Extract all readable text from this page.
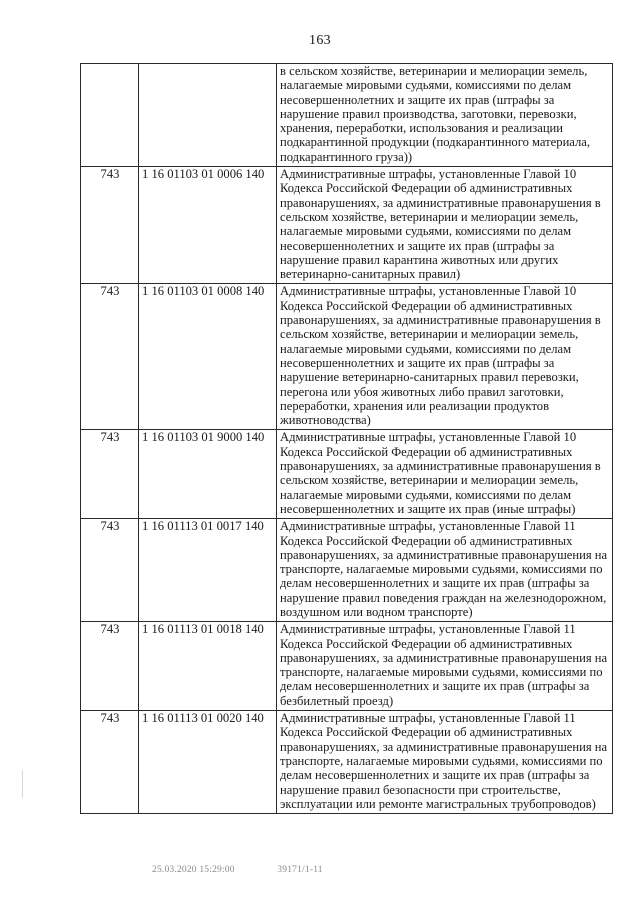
163
		в сельском хозяйстве, ветеринарии и мелиорации земель, налагаемые мировыми судьями, комиссиями по делам несовершеннолетних и защите их прав (штрафы за нарушение правил производства, заготовки, перевозки, хранения, переработки, использования и реализации подкарантинной продукции (подкарантинного материала, подкарантинного груза))
743	1 16 01103 01 0006 140	Административные штрафы, установленные Главой 10 Кодекса Российской Федерации об административных правонарушениях, за административные правонарушения в сельском хозяйстве, ветеринарии и мелиорации земель, налагаемые мировыми судьями, комиссиями по делам несовершеннолетних и защите их прав (штрафы за нарушение правил карантина животных или других ветеринарно-санитарных правил)
743	1 16 01103 01 0008 140	Административные штрафы, установленные Главой 10 Кодекса Российской Федерации об административных правонарушениях, за административные правонарушения в сельском хозяйстве, ветеринарии и мелиорации земель, налагаемые мировыми судьями, комиссиями по делам несовершеннолетних и защите их прав (штрафы за нарушение ветеринарно-санитарных правил перевозки, перегона или убоя животных либо правил заготовки, переработки, хранения или реализации продуктов животноводства)
743	1 16 01103 01 9000 140	Административные штрафы, установленные Главой 10 Кодекса Российской Федерации об административных правонарушениях, за административные правонарушения в сельском хозяйстве, ветеринарии и мелиорации земель, налагаемые мировыми судьями, комиссиями по делам несовершеннолетних и защите их прав (иные штрафы)
743	1 16 01113 01 0017 140	Административные штрафы, установленные Главой 11 Кодекса Российской Федерации об административных правонарушениях, за административные правонарушения на транспорте, налагаемые мировыми судьями, комиссиями по делам несовершеннолетних и защите их прав (штрафы за нарушение правил поведения граждан на железнодорожном, воздушном или водном транспорте)
743	1 16 01113 01 0018 140	Административные штрафы, установленные Главой 11 Кодекса Российской Федерации об административных правонарушениях, за административные правонарушения на транспорте, налагаемые мировыми судьями, комиссиями по делам несовершеннолетних и защите их прав (штрафы за безбилетный проезд)
743	1 16 01113 01 0020 140	Административные штрафы, установленные Главой 11 Кодекса Российской Федерации об административных правонарушениях, за административные правонарушения на транспорте, налагаемые мировыми судьями, комиссиями по делам несовершеннолетних и защите их прав (штрафы за нарушение правил безопасности при строительстве, эксплуатации или ремонте магистральных трубопроводов)
25.03.2020 15:29:00	39171/1-11
